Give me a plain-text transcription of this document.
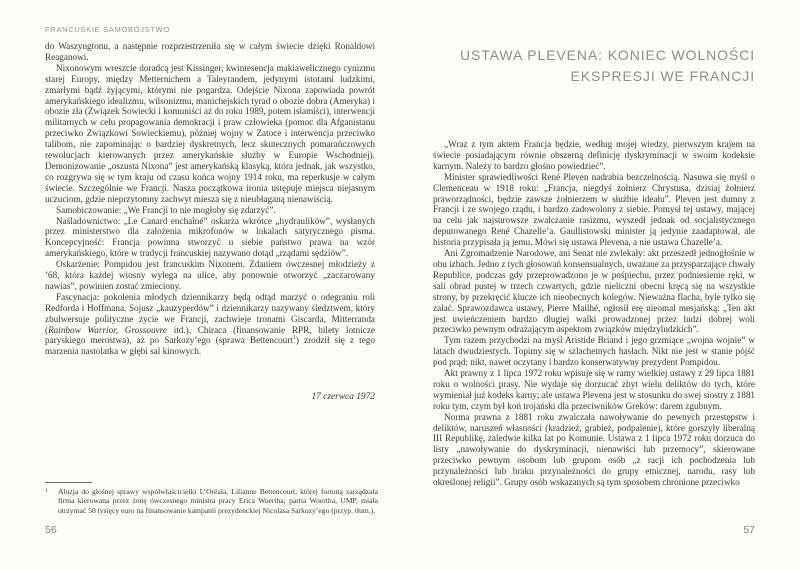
FRANCUSKIE SAMOBÓJSTWO

do Waszyngtonu, a następnie rozprzestrzeniła się w całym świecie dzięki Ronaldowi Reaganowi.

Nixonowym wreszcie doradcą jest Kissinger, kwintesencja makiawelicznego cynizmu starej Europy, między Metternichem a Taleyrandem, jedynymi istotami ludzkimi, zmarłymi bądź żyjącymi, którymi nie pogardza. Odejście Nixona zapowiada powrót amerykańskiego idealizmu, wilsonizmu, manichejskich tyrad o obozie dobra (Ameryka) i obozie zła (Związek Sowiecki i komuniści aż do roku 1989, potem islamiści), interwencji militarnych w celu propagowania demokracji i praw człowieka (pomoc dla Afganistanu przeciwko Związkowi Sowieckiemu), później wojny w Zatoce i interwencja przeciwko talibom, nie zapominając o bardziej dyskretnych, lecz skutecznych pomarańczowych rewolucjach kierowanych przez amerykańskie służby w Europie Wschodniej). Demonizowanie „oszusta Nixona” jest amerykańską klasyką, która jednak, jak wszystko, co rozgrywa się w tym kraju od czasu końca wojny 1914 roku, ma reperkusje w całym świecie. Szczególnie we Francji. Nasza początkowa ironia ustępuje miejsca niejasnym uczuciom, gdzie nieprzytomny zachwyt miesza się z nieubłaganą nienawiścią.

Samobiczowanie: „We Francji to nie mogłoby się zdarzyć”.

Naśladownictwo: „Le Canard enchaîné” oskarża wkrótce „hydraulików”, wysłanych przez ministerstwo dla założenia mikrofonów w lokalach satyrycznego pisma. Koncepcyjność: Francja powinna stworzyć u siebie państwo prawa na wzór amerykańskiego, które w tradycji francuskiej nazywano dotąd „rządami sędziów”.

Oskarżenie: Pompidou jest francuskim Nixonem. Zdaniem ówczesnej młodzieży z ’68, która każdej wiosny wylega na ulice, aby ponownie otworzyć „zaczarowany nawias”, powinien zostać zmieciony.

Fascynacja: pokolenia młodych dziennikarzy będą odtąd marzyć o odegraniu roli Redforda i Hoffmana. Sojusz „kauzyperdów” i dziennikarzy nazywany śledztwem, który zbulwersuje polityczne życie we Francji, zachwieje tronami Giscarda, Mitterranda (Rainbow Warrior, Grossouvre itd.), Chiraca (finansowanie RPR, bilety lotnicze paryskiego merostwa), aż po Sarkozy’ego (sprawa Bettencourt$^1$) zrodził się z tego marzenia nastolatka w głębi sal kinowych.

17 czerwca 1972
$^1$	Aluzja do głośnej sprawy współwłaścicielki L’Oréala, Lilianne Bettencourt, której fortuną zarządzała firma kierowana przez żonę ówczesnego ministra pracy Erica Woertha; partia Woertha, UMP, miała otrzymać 50 tysięcy euro na finansowanie kampanii prezydenckiej Nicolasa Sarkozy’ego (przyp. tłum.).
56
USTAWA PLEVENA: KONIEC WOLNOŚCI
EKSPRESJI WE FRANCJI

„Wraz z tym aktem Francja będzie, według mojej wiedzy, pierwszym krajem na świecie posiadającym równie obszerną definicję dyskryminacji w swoim kodeksie karnym. Należy to bardzo głośno powiedzieć”.

Minister sprawiedliwości René Pleven nadrabia bezczelnością. Nasuwa się myśl o Clemenceau w 1918 roku: „Francja, niegdyś żołnierz Chrystusa, dzisiaj żołnierz praworządności, będzie zawsze żołnierzem w służbie ideału”. Pleven jest dumny z Francji i ze swojego rządu, i bardzo zadowolony z siebie. Pomysł tej ustawy, mającej na celu jak najsurowsze zwalczanie rasizmu, wyszedł jednak od socjalistycznego deputowanego René Chazelle’a. Gaullistowski minister ją jedynie zaadaptował, ale historia przypisała ją jemu. Mówi się ustawa Plevena, a nie ustawa Chazelle’a.

Ani Zgromadzenie Narodowe, ani Senat nie zwlekały: akt przeszedł jednogłośnie w obu izbach. Jedno z tych głosowań konsensualnych, uważane za przysparzające chwały Republice, podczas gdy przeprowadzono je w pośpiechu, przez podniesienie ręki, w sali obrad pustej w trzech czwartych, gdzie nieliczni obecni kręcą się na wszystkie strony, by przekręcić klucze ich nieobecnych kolegów. Nieważna flacha, byle tylko się zalać. Sprawozdawca ustawy, Pierre Mailhé, ogłosił erę nieomal mesjańską: „Ten akt jest uwieńczeniem bardzo długiej walki prowadzonej przez ludzi dobrej woli przeciwko pewnym odrażającym aspektom związków międzyludzkich”.

Tym razem przychodzi na myśl Aristide Briand i jego grzmiące „wojna wojnie” w latach dwudziestych. Topimy się w szlachetnych hasłach. Nikt nie jest w stanie pójść pod prąd; nikt, nawet oczytany i bardzo konserwatywny prezydent Pompidou.

Akt prawny z 1 lipca 1972 roku wpisuje się w ramy wielkiej ustawy z 29 lipca 1881 roku o wolności prasy. Nie wydaje się dorzucać zbyt wielu deliktów do tych, które wymieniał już kodeks karny; ale ustawa Plevena jest w stosunku do swej siostry z 1881 roku tym, czym był koń trojański dla przeciwników Greków: darem zgubnym.

Norma prawna z 1881 roku zwalczała nawoływanie do pewnych przestępstw i deliktów, naruszeń własności (kradzież, grabież, podpalenie), które gorszyły liberalną III Republikę, zaledwie kilka lat po Komunie. Ustawa z 1 lipca 1972 roku dorzuca do listy „nawoływanie do dyskryminacji, nienawiści lub przemocy”, skierowane przeciwko pewnym osobom lub grupom osób „z racji ich pochodzenia lub przynależności lub braku przynależności do grupy etnicznej, narodu, rasy lub określonej religii”. Grupy osób wskazanych są tym sposobem chronione przeciwko

57
